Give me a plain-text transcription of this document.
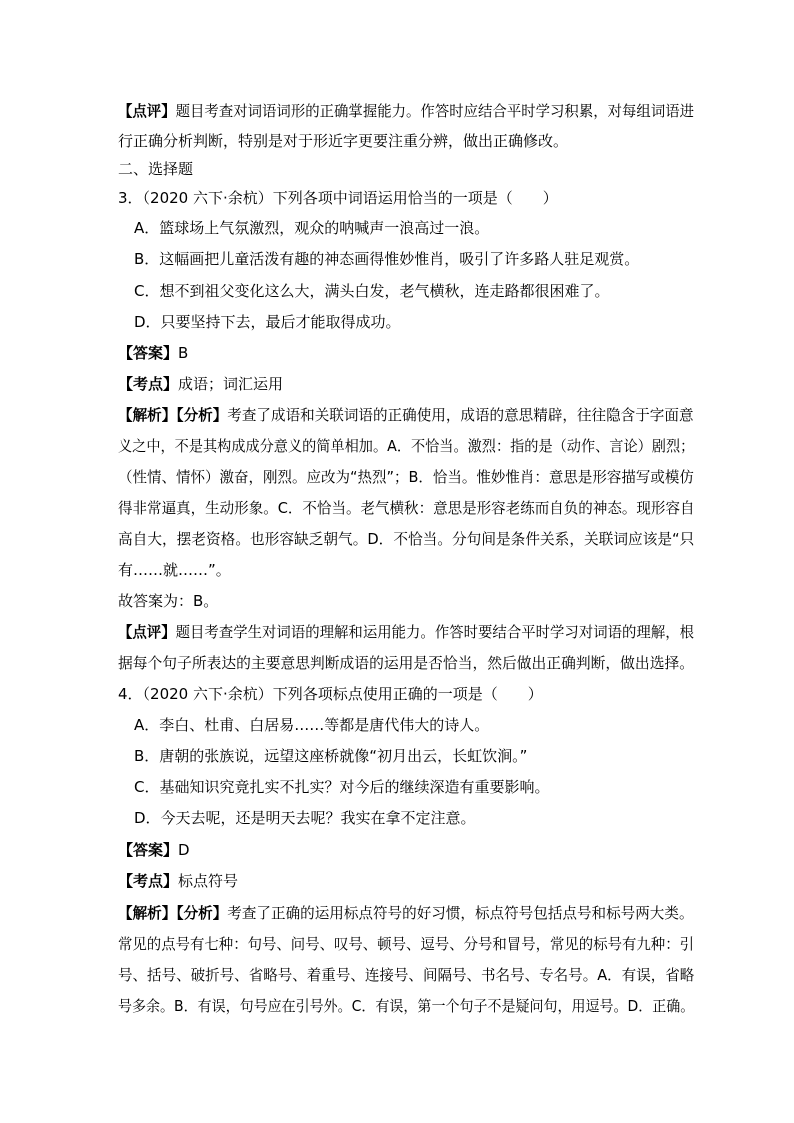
【点评】题目考查对词语词形的正确掌握能力。作答时应结合平时学习积累，对每组词语进
行正确分析判断，特别是对于形近字更要注重分辨，做出正确修改。
二、选择题
3．（2020 六下·余杭）下列各项中词语运用恰当的一项是（　　）
A．篮球场上气氛激烈，观众的呐喊声一浪高过一浪。
B．这幅画把儿童活泼有趣的神态画得惟妙惟肖，吸引了许多路人驻足观赏。
C．想不到祖父变化这么大，满头白发，老气横秋，连走路都很困难了。
D．只要坚持下去，最后才能取得成功。
【答案】B
【考点】成语；词汇运用
【解析】【分析】考查了成语和关联词语的正确使用，成语的意思精辟，往往隐含于字面意
义之中，不是其构成成分意义的简单相加。A．不恰当。激烈：指的是（动作、言论）剧烈；
（性情、情怀）激奋，刚烈。应改为“热烈”；B．恰当。惟妙惟肖：意思是形容描写或模仿
得非常逼真，生动形象。C．不恰当。老气横秋：意思是形容老练而自负的神态。现形容自
高自大，摆老资格。也形容缺乏朝气。D．不恰当。分句间是条件关系，关联词应该是“只
有……就……”。
故答案为：B。
【点评】题目考查学生对词语的理解和运用能力。作答时要结合平时学习对词语的理解，根
据每个句子所表达的主要意思判断成语的运用是否恰当，然后做出正确判断，做出选择。
4．（2020 六下·余杭）下列各项标点使用正确的一项是（　　）
A．李白、杜甫、白居易……等都是唐代伟大的诗人。
B．唐朝的张族说，远望这座桥就像“初月出云，长虹饮涧。”
C．基础知识究竟扎实不扎实？对今后的继续深造有重要影响。
D．今天去呢，还是明天去呢？我实在拿不定注意。
【答案】D
【考点】标点符号
【解析】【分析】考查了正确的运用标点符号的好习惯，标点符号包括点号和标号两大类。
常见的点号有七种：句号、问号、叹号、顿号、逗号、分号和冒号，常见的标号有九种：引
号、括号、破折号、省略号、着重号、连接号、间隔号、书名号、专名号。A．有误，省略
号多余。B．有误，句号应在引号外。C．有误，第一个句子不是疑问句，用逗号。D．正确。
